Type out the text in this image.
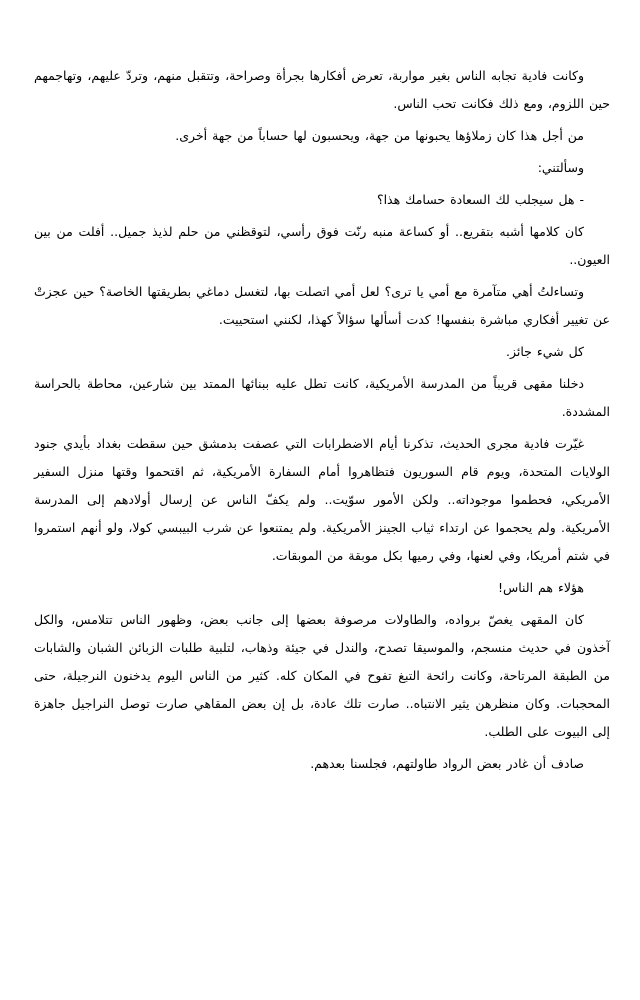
وكانت فادية تجابه الناس بغير مواربة، تعرض أفكارها بجرأة وصراحة، وتتقبل منهم، وتردّ عليهم، وتهاجمهم حين اللزوم، ومع ذلك فكانت تحب الناس.

من أجل هذا كان زملاؤها يحبونها من جهة، ويحسبون لها حساباً من جهة أخرى.

وسألتني:

- هل سيجلب لك السعادة حسامك هذا؟

كان كلامها أشبه بتقريع.. أو كساعة منبه رنّت فوق رأسي، لتوقظني من حلم لذيذ جميل.. أفلت من بين العيون..

وتساءلتُ أهي متآمرة مع أمي يا ترى؟ لعل أمي اتصلت بها، لتغسل دماغي بطريقتها الخاصة؟ حين عجزتْ عن تغيير أفكاري مباشرة بنفسها! كدت أسألها سؤالاً كهذا، لكنني استحييت.

كل شيء جائز.

دخلنا مقهى قريباً من المدرسة الأمريكية، كانت تطل عليه ببنائها الممتد بين شارعين، محاطة بالحراسة المشددة.

غيّرت فادية مجرى الحديث، تذكرنا أيام الاضطرابات التي عصفت بدمشق حين سقطت بغداد بأيدي جنود الولايات المتحدة، ويوم قام السوريون فتظاهروا أمام السفارة الأمريكية، ثم اقتحموا وقتها منزل السفير الأمريكي، فحطموا موجوداته.. ولكن الأمور سوّيت.. ولم يكفّ الناس عن إرسال أولادهم إلى المدرسة الأمريكية. ولم يحجموا عن ارتداء ثياب الجينز الأمريكية. ولم يمتنعوا عن شرب البيبسي كولا، ولو أنهم استمروا في شتم أمريكا، وفي لعنها، وفي رميها بكل موبقة من الموبقات.

هؤلاء هم الناس!

كان المقهى يغصّ برواده، والطاولات مرصوفة بعضها إلى جانب بعض، وظهور الناس تتلامس، والكل آخذون في حديث منسجم، والموسيقا تصدح، والندل في جيئة وذهاب، لتلبية طلبات الزبائن الشبان والشابات من الطبقة المرتاحة، وكانت رائحة التبغ تفوح في المكان كله. كثير من الناس اليوم يدخنون النرجيلة، حتى المحجبات. وكان منظرهن يثير الانتباه.. صارت تلك عادة، بل إن بعض المقاهي صارت توصل النراجيل جاهزة إلى البيوت على الطلب.

صادف أن غادر بعض الرواد طاولتهم، فجلسنا بعدهم.
